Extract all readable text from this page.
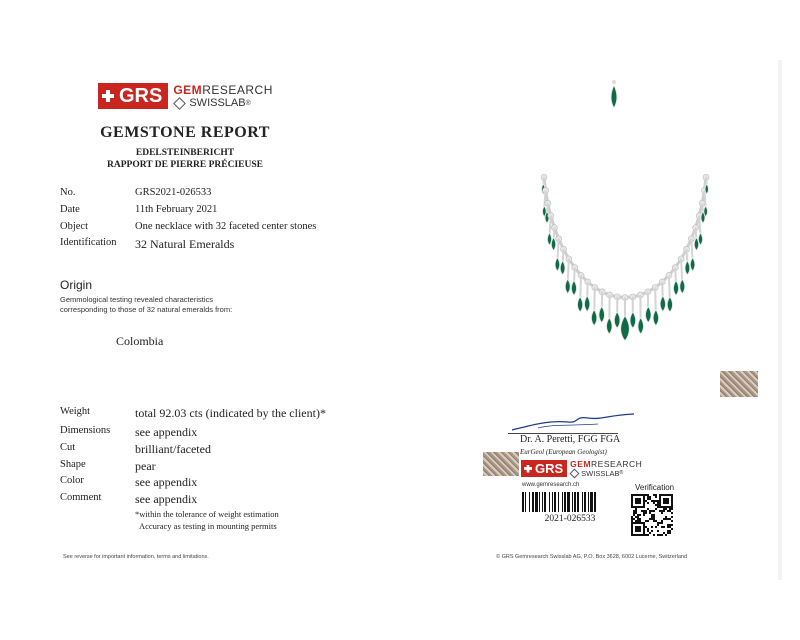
GRS GEMRESEARCH
SWISSLAB ®
GEMSTONE REPORT
EDELSTEINBERICHT
RAPPORT DE PIERRE PRÉCIEUSE
No.	GRS2021-026533
Date	11th February 2021
Object	One necklace with 32 faceted center stones
Identification	32 Natural Emeralds
Origin
Gemmological testing revealed characteristics
corresponding to those of 32 natural emeralds from:
Colombia
Weight	total 92.03 cts (indicated by the client)*
Dimensions	see appendix
Cut	brilliant/faceted
Shape	pear
Color	see appendix
Comment	see appendix
*within the tolerance of weight estimation
Accuracy as testing in mounting permits
See reverse for important information, terms and limitations.	© GRS Gemresearch Swisslab AG, P.O. Box 3628, 6002 Lucerne, Switzerland
Dr. A. Peretti, FGG FGA
EurGeol (European Geologist)
GRS GEMRESEARCH
SWISSLAB ®
www.gemresearch.ch
2021-026533
Verification
